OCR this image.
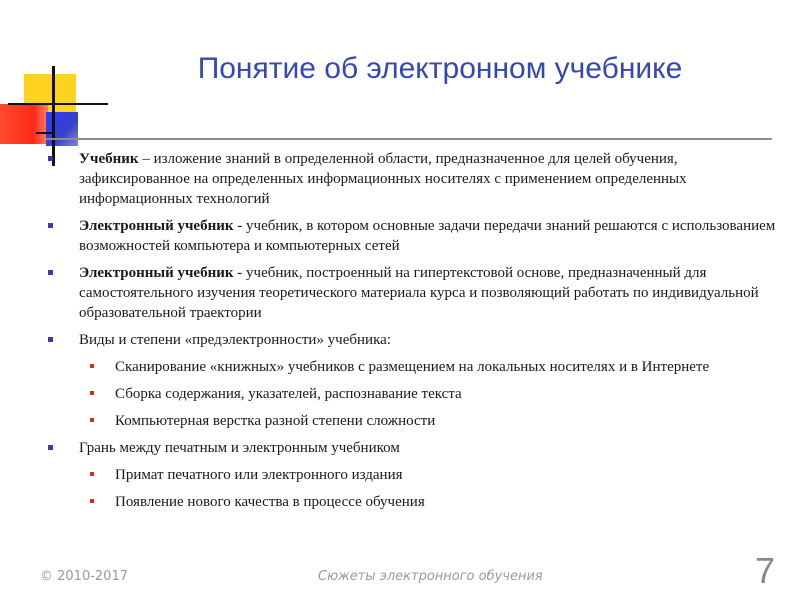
Понятие об электронном учебнике
Учебник – изложение знаний в определенной области, предназначенное для целей обучения, зафиксированное на определенных информационных носителях с применением определенных информационных технологий
Электронный учебник - учебник, в котором основные задачи передачи знаний решаются с использованием возможностей компьютера и компьютерных сетей
Электронный учебник - учебник, построенный на гипертекстовой основе, предназначенный для самостоятельного изучения теоретического материала курса и позволяющий работать по индивидуальной образовательной траектории
Виды и степени «предэлектронности» учебника:
Сканирование «книжных» учебников с размещением на локальных носителях и в Интернете
Сборка содержания, указателей, распознавание текста
Компьютерная верстка разной степени сложности
Грань между печатным и электронным учебником
Примат печатного или электронного издания
Появление нового качества в процессе обучения
© 2010-2017	Сюжеты электронного обучения	7
